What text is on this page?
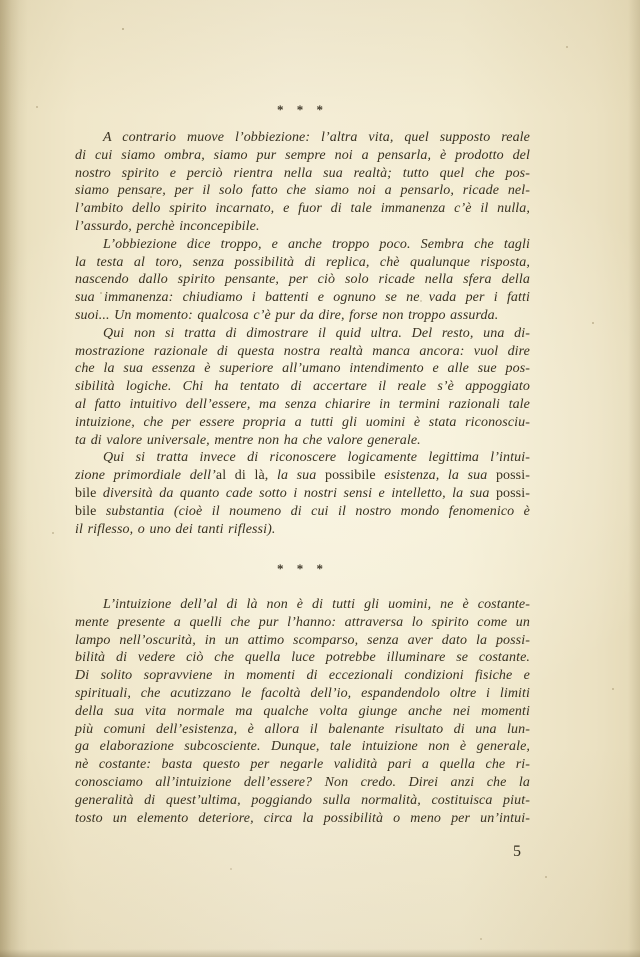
* * *

A contrario muove l’obbiezione: l’altra vita, quel supposto reale
di cui siamo ombra, siamo pur sempre noi a pensarla, è prodotto del
nostro spirito e perciò rientra nella sua realtà; tutto quel che pos-
siamo pensare, per il solo fatto che siamo noi a pensarlo, ricade nel-
l’ambito dello spirito incarnato, e fuor di tale immanenza c’è il nulla,
l’assurdo, perchè inconcepibile.

L’obbiezione dice troppo, e anche troppo poco. Sembra che tagli
la testa al toro, senza possibilità di replica, chè qualunque risposta,
nascendo dallo spirito pensante, per ciò solo ricade nella sfera della
sua immanenza: chiudiamo i battenti e ognuno se ne vada per i fatti
suoi... Un momento: qualcosa c’è pur da dire, forse non troppo assurda.

Qui non si tratta di dimostrare il quid ultra. Del resto, una di-
mostrazione razionale di questa nostra realtà manca ancora: vuol dire
che la sua essenza è superiore all’umano intendimento e alle sue pos-
sibilità logiche. Chi ha tentato di accertare il reale s’è appoggiato
al fatto intuitivo dell’essere, ma senza chiarire in termini razionali tale
intuizione, che per essere propria a tutti gli uomini è stata riconosciu-
ta di valore universale, mentre non ha che valore generale.

Qui si tratta invece di riconoscere logicamente legittima l’intui-
zione primordiale dell’al di là, la sua possibile esistenza, la sua possi-
bile diversità da quanto cade sotto i nostri sensi e intelletto, la sua possi-
bile substantia (cioè il noumeno di cui il nostro mondo fenomenico è
il riflesso, o uno dei tanti riflessi).

* * *

L’intuizione dell’al di là non è di tutti gli uomini, ne è costante-
mente presente a quelli che pur l’hanno: attraversa lo spirito come un
lampo nell’oscurità, in un attimo scomparso, senza aver dato la possi-
bilità di vedere ciò che quella luce potrebbe illuminare se costante.
Di solito sopravviene in momenti di eccezionali condizioni fisiche e
spirituali, che acutizzano le facoltà dell’io, espandendolo oltre i limiti
della sua vita normale ma qualche volta giunge anche nei momenti
più comuni dell’esistenza, è allora il balenante risultato di una lun-
ga elaborazione subcosciente. Dunque, tale intuizione non è generale,
nè costante: basta questo per negarle validità pari a quella che ri-
conosciamo all’intuizione dell’essere? Non credo. Direi anzi che la
generalità di quest’ultima, poggiando sulla normalità, costituisca piut-
tosto un elemento deteriore, circa la possibilità o meno per un’intui-

5
